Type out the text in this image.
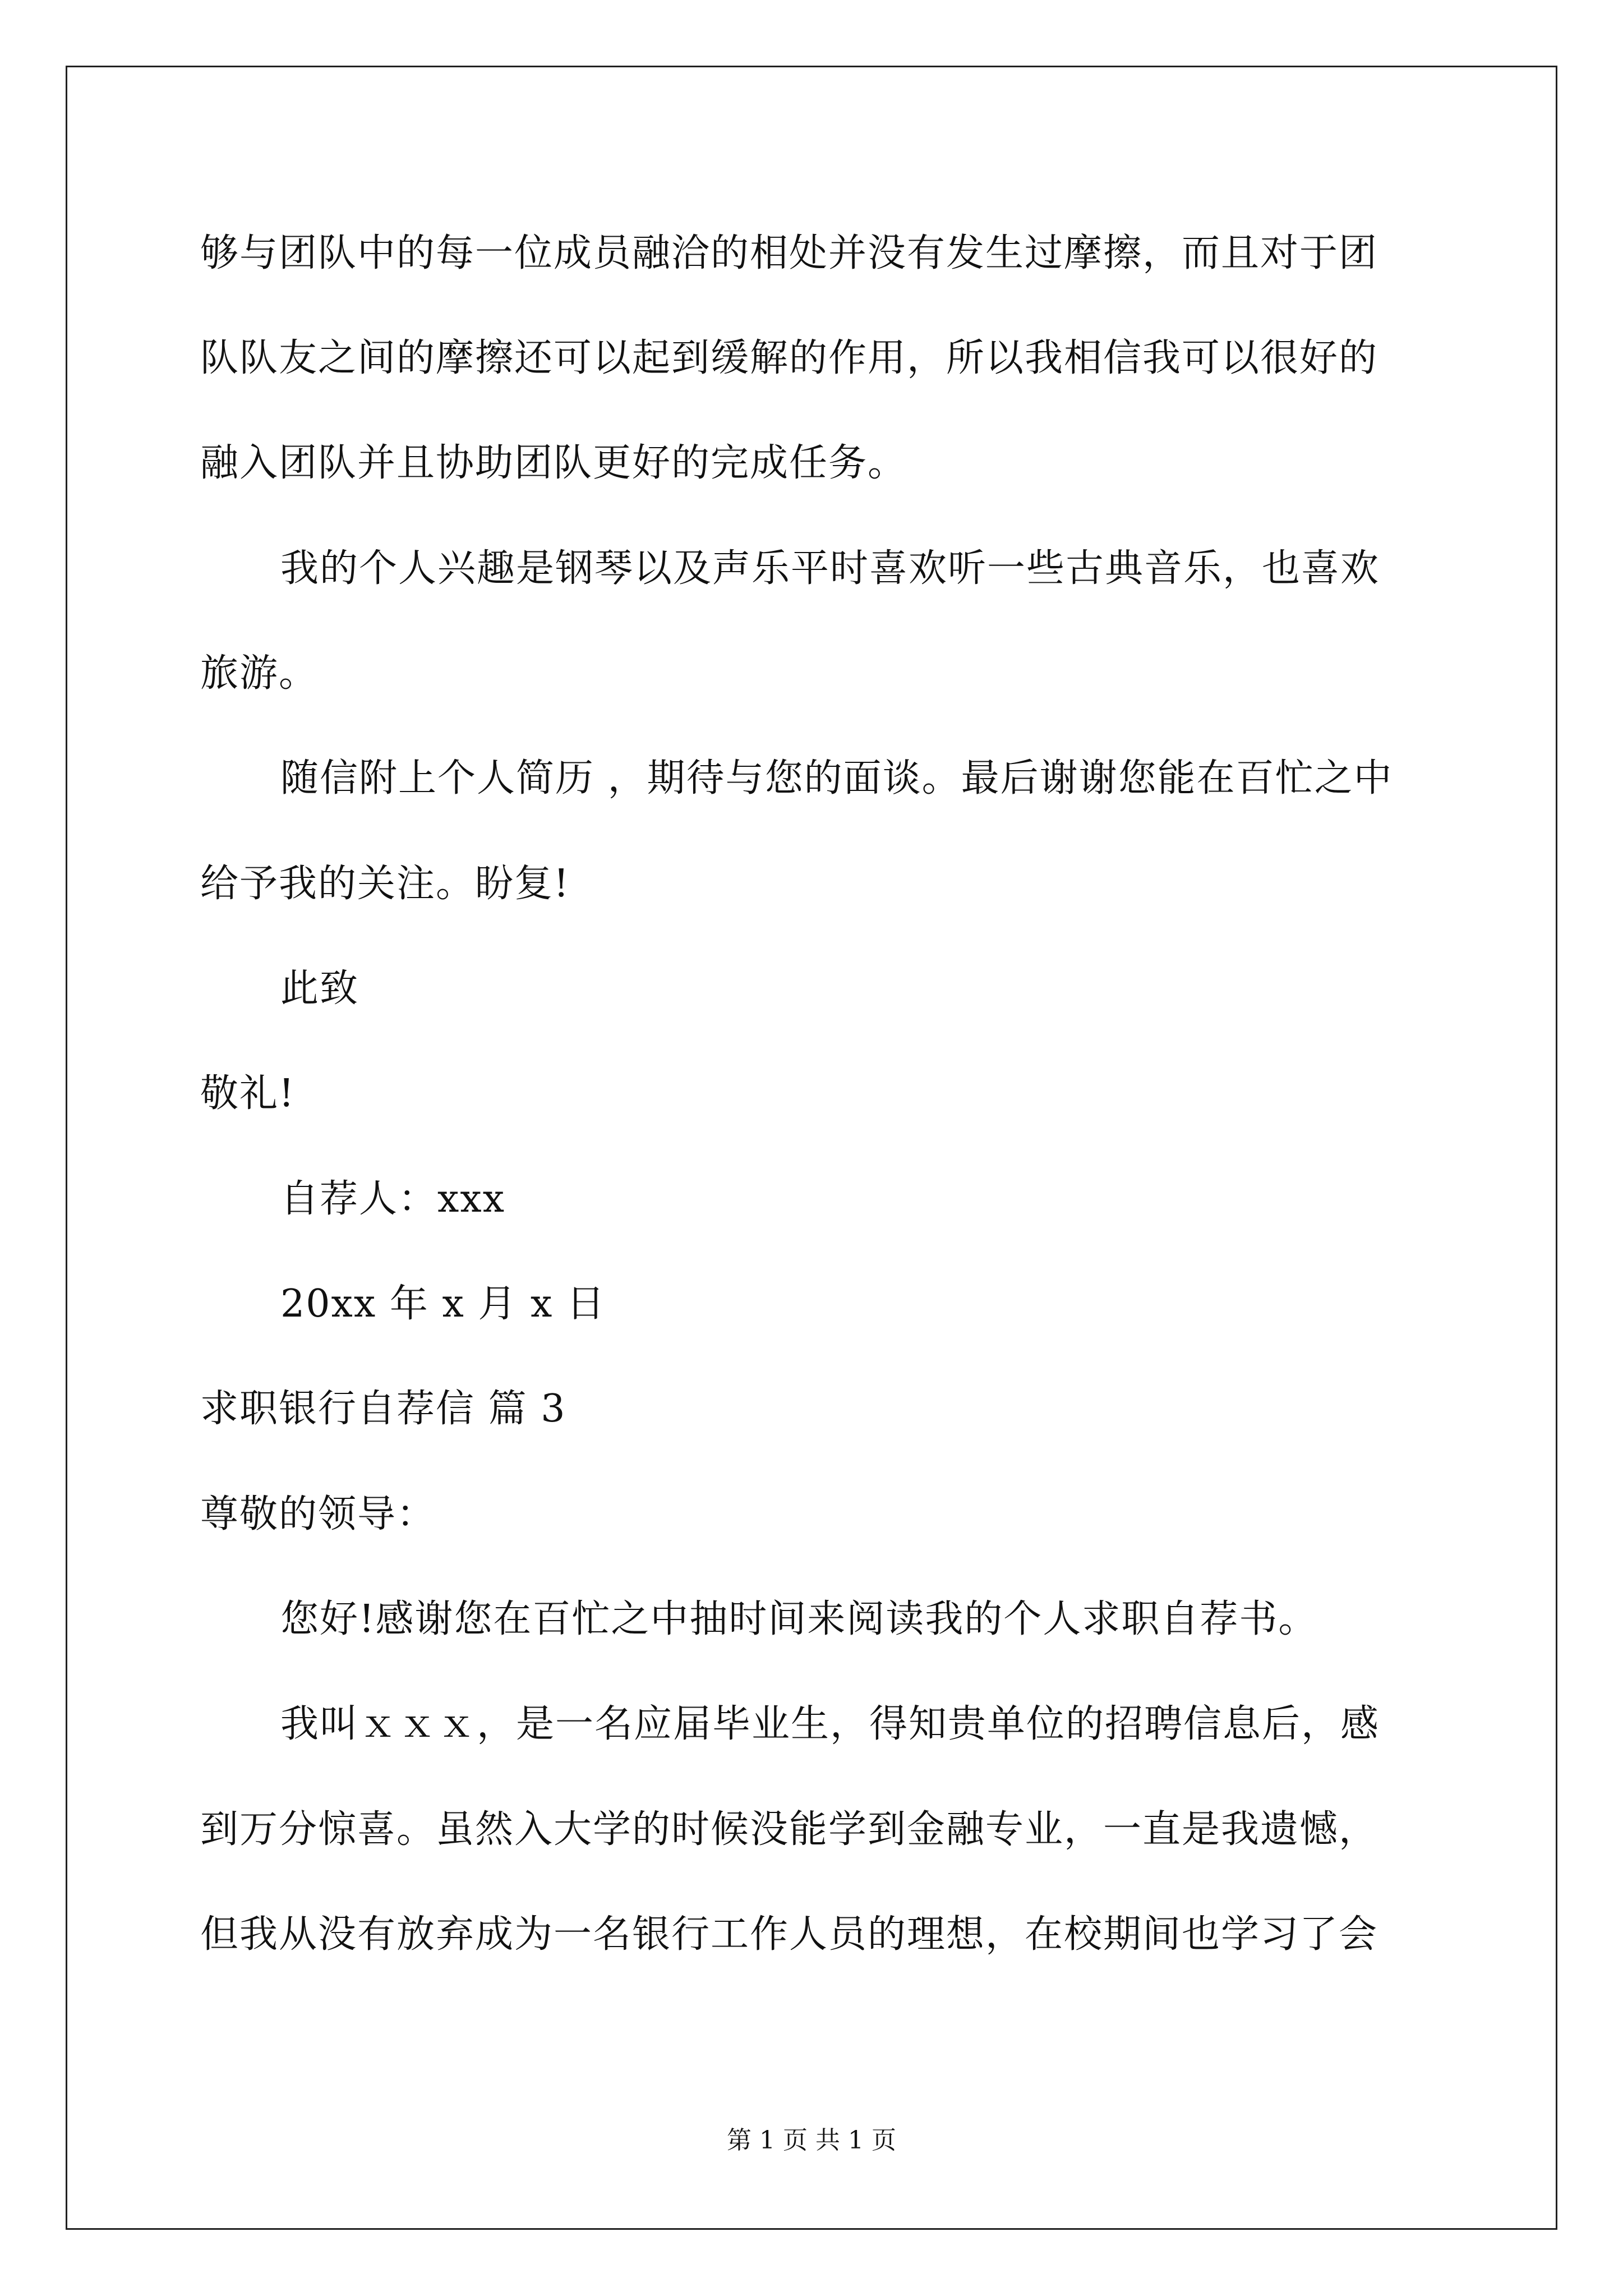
够与团队中的每一位成员融洽的相处并没有发生过摩擦，而且对于团
队队友之间的摩擦还可以起到缓解的作用，所以我相信我可以很好的
融入团队并且协助团队更好的完成任务。
我的个人兴趣是钢琴以及声乐平时喜欢听一些古典音乐，也喜欢
旅游。
随信附上个人简历 ，期待与您的面谈。最后谢谢您能在百忙之中
给予我的关注。盼复!
此致
敬礼!
自荐人：xxx
20xx 年 x 月 x 日
求职银行自荐信 篇 3
尊敬的领导：
您好!感谢您在百忙之中抽时间来阅读我的个人求职自荐书。
我叫ｘｘｘ，是一名应届毕业生，得知贵单位的招聘信息后，感
到万分惊喜。虽然入大学的时候没能学到金融专业，一直是我遗憾，
但我从没有放弃成为一名银行工作人员的理想，在校期间也学习了会
第 1 页 共 1 页
